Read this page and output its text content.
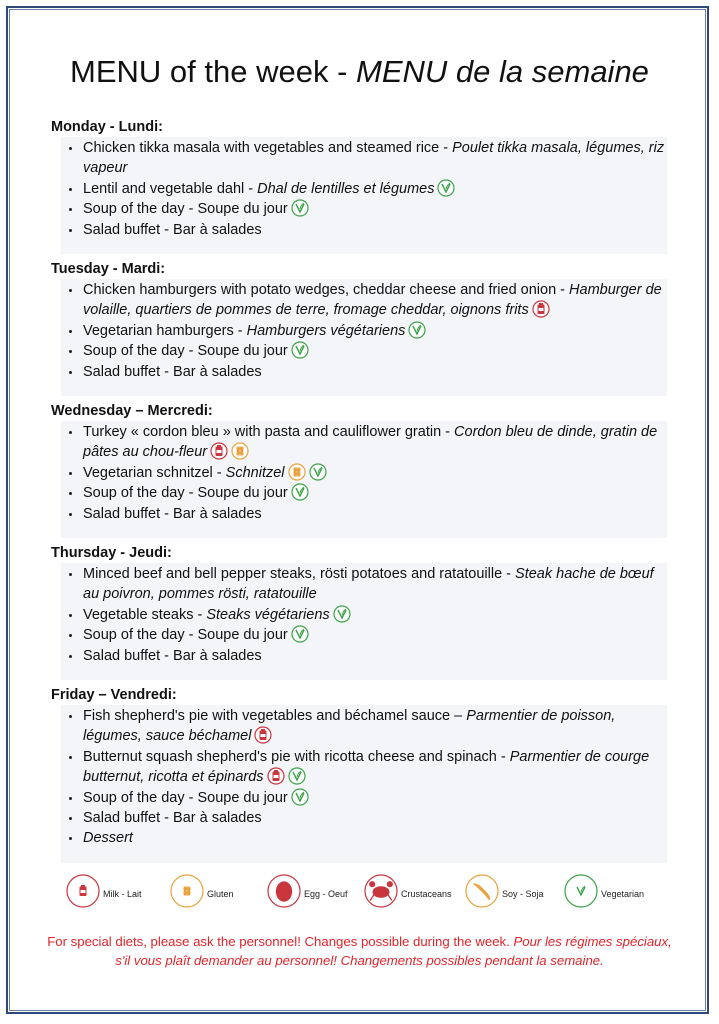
MENU of the week - MENU de la semaine
Monday - Lundi:
Chicken tikka masala with vegetables and steamed rice - Poulet tikka masala, légumes, riz vapeur
Lentil and vegetable dahl - Dhal de lentilles et légumes
Soup of the day - Soupe du jour
Salad buffet - Bar à salades
Tuesday - Mardi:
Chicken hamburgers with potato wedges, cheddar cheese and fried onion - Hamburger de volaille, quartiers de pommes de terre, fromage cheddar, oignons frits
Vegetarian hamburgers - Hamburgers végétariens
Soup of the day - Soupe du jour
Salad buffet - Bar à salades
Wednesday – Mercredi:
Turkey « cordon bleu » with pasta and cauliflower gratin - Cordon bleu de dinde, gratin de pâtes au chou-fleur
Vegetarian schnitzel - Schnitzel
Soup of the day - Soupe du jour
Salad buffet - Bar à salades
Thursday - Jeudi:
Minced beef and bell pepper steaks, rösti potatoes and ratatouille - Steak hache de bœuf au poivron, pommes rösti, ratatouille
Vegetable steaks - Steaks végétariens
Soup of the day - Soupe du jour
Salad buffet - Bar à salades
Friday – Vendredi:
Fish shepherd's pie with vegetables and béchamel sauce – Parmentier de poisson, légumes, sauce béchamel
Butternut squash shepherd's pie with ricotta cheese and spinach - Parmentier de courge butternut, ricotta et épinards
Soup of the day - Soupe du jour
Salad buffet - Bar à salades
Dessert
Milk - Lait	Gluten	Egg - Oeuf	Crustaceans	Soy - Soja	Vegetarian
For special diets, please ask the personnel! Changes possible during the week. Pour les régimes spéciaux, s'il vous plaît demander au personnel! Changements possibles pendant la semaine.
